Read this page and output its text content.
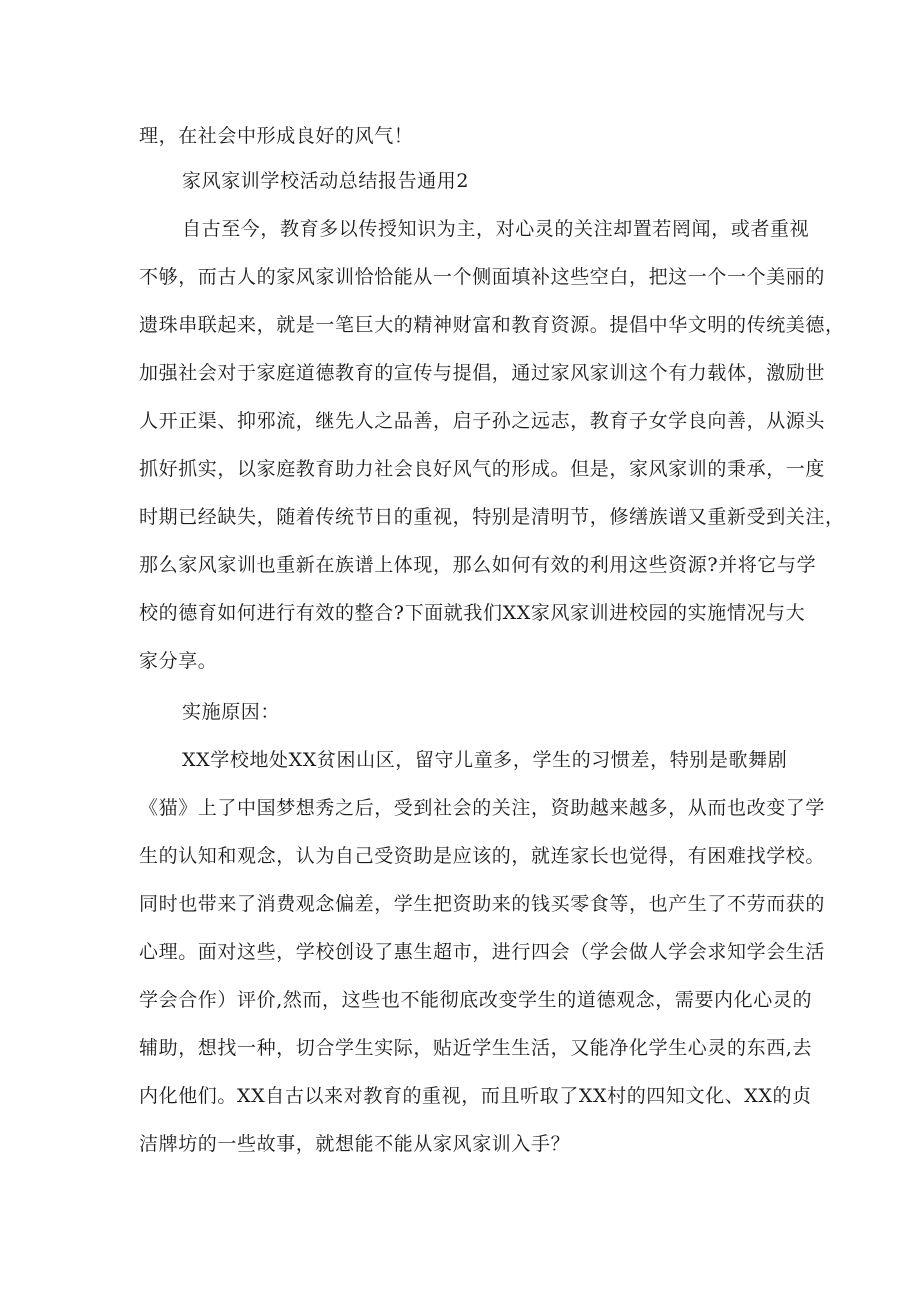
理，在社会中形成良好的风气！
家风家训学校活动总结报告通用2
自古至今，教育多以传授知识为主，对心灵的关注却置若罔闻，或者重视
不够，而古人的家风家训恰恰能从一个侧面填补这些空白，把这一个一个美丽的
遗珠串联起来，就是一笔巨大的精神财富和教育资源。提倡中华文明的传统美德，
加强社会对于家庭道德教育的宣传与提倡，通过家风家训这个有力载体，激励世
人开正渠、抑邪流，继先人之品善，启子孙之远志，教育子女学良向善，从源头
抓好抓实，以家庭教育助力社会良好风气的形成。但是，家风家训的秉承，一度
时期已经缺失，随着传统节日的重视，特别是清明节，修缮族谱又重新受到关注，
那么家风家训也重新在族谱上体现，那么如何有效的利用这些资源?并将它与学
校的德育如何进行有效的整合?下面就我们XX家风家训进校园的实施情况与大
家分享。
实施原因：
XX学校地处XX贫困山区，留守儿童多，学生的习惯差，特别是歌舞剧
《猫》上了中国梦想秀之后，受到社会的关注，资助越来越多，从而也改变了学
生的认知和观念，认为自己受资助是应该的，就连家长也觉得，有困难找学校。
同时也带来了消费观念偏差，学生把资助来的钱买零食等，也产生了不劳而获的
心理。面对这些，学校创设了惠生超市，进行四会（学会做人学会求知学会生活
学会合作）评价,然而，这些也不能彻底改变学生的道德观念，需要内化心灵的
辅助，想找一种，切合学生实际，贴近学生生活，又能净化学生心灵的东西,去
内化他们。XX自古以来对教育的重视，而且听取了XX村的四知文化、XX的贞
洁牌坊的一些故事，就想能不能从家风家训入手？
